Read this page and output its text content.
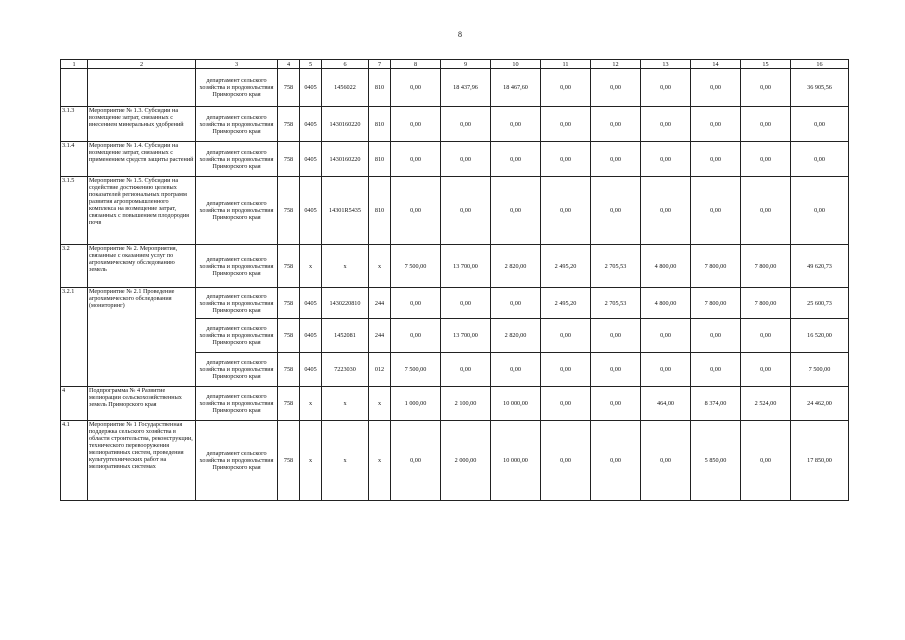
8
1	2	3	4	5	6	7	8	9	10	11	12	13	14	15	16
		департамент сельского хозяйства и продовольствия Приморского края	758	0405	1456022	810	0,00	18 437,96	18 467,60	0,00	0,00	0,00	0,00	0,00	36 905,56
3.1.3	Мероприятие № 1.3. Субсидии на возмещение затрат, связанных с внесением минеральных удобрений	департамент сельского хозяйства и продовольствия Приморского края	758	0405	1430160220	810	0,00	0,00	0,00	0,00	0,00	0,00	0,00	0,00	0,00
3.1.4	Мероприятие № 1.4. Субсидии на возмещение затрат, связанных с применением средств защиты растений	департамент сельского хозяйства и продовольствия Приморского края	758	0405	1430160220	810	0,00	0,00	0,00	0,00	0,00	0,00	0,00	0,00	0,00
3.1.5	Мероприятие № 1.5. Субсидии на содействие достижению целевых показателей региональных программ развития агропромышленного комплекса на возмещение затрат, связанных с повышением плодородия почв	департамент сельского хозяйства и продовольствия Приморского края	758	0405	14301R5435	810	0,00	0,00	0,00	0,00	0,00	0,00	0,00	0,00	0,00
3.2	Мероприятие № 2. Мероприятия, связанные с оказанием услуг по агрохимическому обследованию земель	департамент сельского хозяйства и продовольствия Приморского края	758	x	x	x	7 500,00	13 700,00	2 820,00	2 495,20	2 705,53	4 800,00	7 800,00	7 800,00	49 620,73
3.2.1	Мероприятие № 2.1 Проведение агрохимического обследования (мониторинг)	департамент сельского хозяйства и продовольствия Приморского края	758	0405	1430220810	244	0,00	0,00	0,00	2 495,20	2 705,53	4 800,00	7 800,00	7 800,00	25 600,73
		департамент сельского хозяйства и продовольствия Приморского края	758	0405	1452081	244	0,00	13 700,00	2 820,00	0,00	0,00	0,00	0,00	0,00	16 520,00
		департамент сельского хозяйства и продовольствия Приморского края	758	0405	7223030	012	7 500,00	0,00	0,00	0,00	0,00	0,00	0,00	0,00	7 500,00
4	Подпрограмма № 4 Развитие мелиорации сельскохозяйственных земель Приморского края	департамент сельского хозяйства и продовольствия Приморского края	758	x	x	x	1 000,00	2 100,00	10 000,00	0,00	0,00	464,00	8 374,00	2 524,00	24 462,00
4.1	Мероприятие № 1 Государственная поддержка сельского хозяйства в области строительства, реконструкции, технического перевооружения мелиоративных систем, проведения культуртехнических работ на мелиоративных системах	департамент сельского хозяйства и продовольствия Приморского края	758	x	x	x	0,00	2 000,00	10 000,00	0,00	0,00	0,00	5 850,00	0,00	17 850,00
